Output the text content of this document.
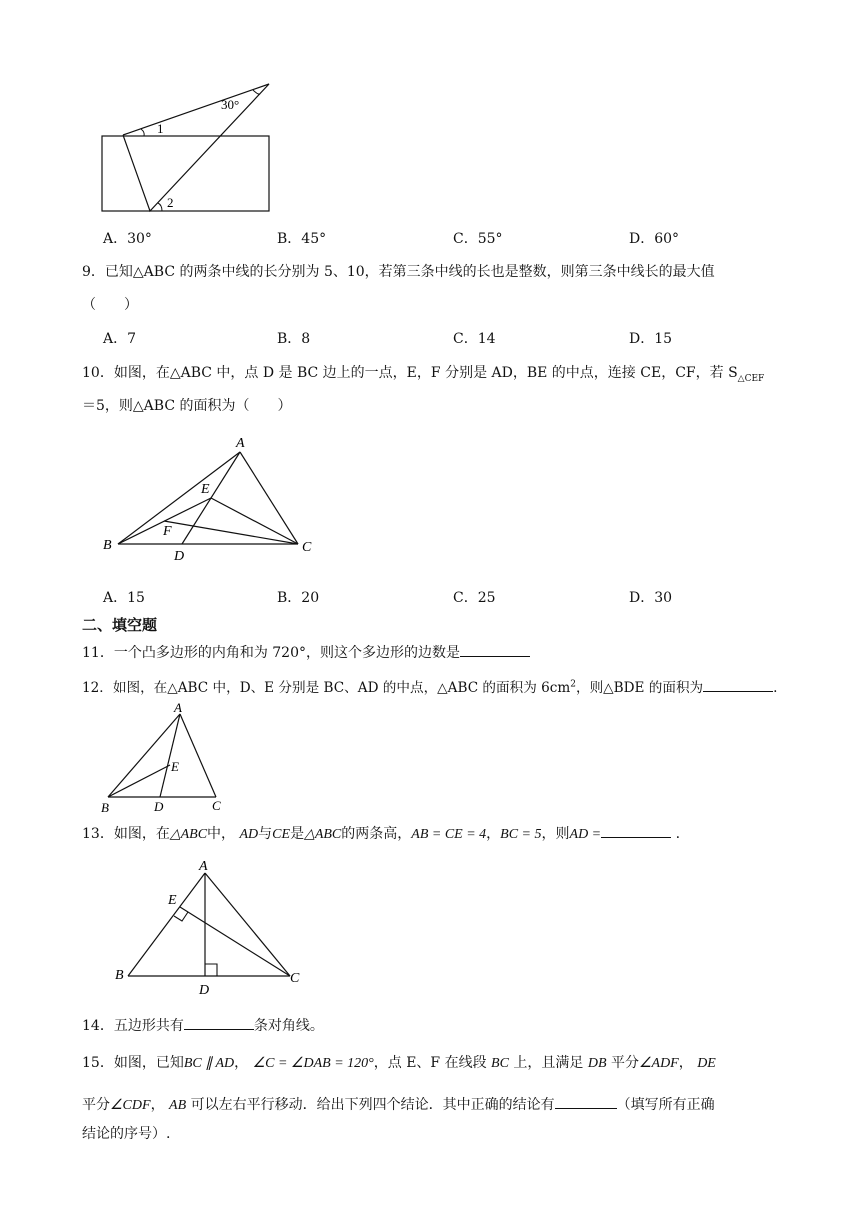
30°
1
2
A．30°	B．45°	C．55°	D．60°
9．已知△ABC 的两条中线的长分别为 5、10，若第三条中线的长也是整数，则第三条中线长的最大值
（　　）
A．7	B．8	C．14	D．15
10．如图，在△ABC 中，点 D 是 BC 边上的一点，E，F 分别是 AD，BE 的中点，连接 CE，CF，若 $S_{\triangle CEF}$
＝5，则△ABC 的面积为（　　）
A
B	C
D
E
F
A．15	B．20	C．25	D．30
二、填空题
11．一个凸多边形的内角和为 720°，则这个多边形的边数是
12．如图，在△ABC 中，D、E 分别是 BC、AD 的中点，△ABC 的面积为 $6cm^2$，则△BDE 的面积为	.
A
B	C
D
E
13．如图，在△ABC中， AD与CE是△ABC的两条高，AB = CE = 4，BC = 5，则AD =	.
A
B	C
D
E
14．五边形共有	条对角线。
15．如图，已知BC ∥ AD， ∠C = ∠DAB = 120°，点 E、F 在线段 BC 上，且满足 DB 平分∠ADF， DE
平分∠CDF， AB 可以左右平行移动．给出下列四个结论．其中正确的结论有	（填写所有正确
结论的序号）.
